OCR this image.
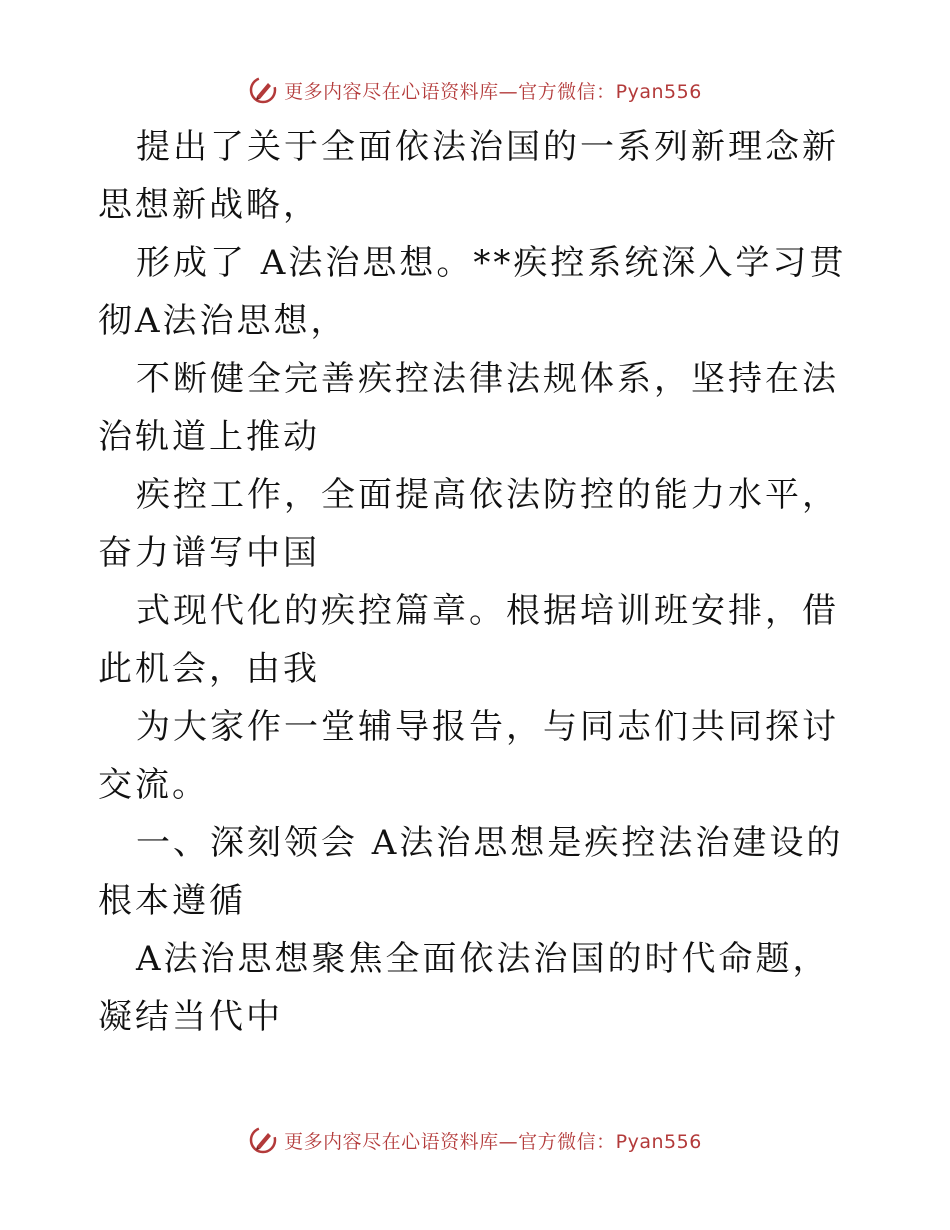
更多内容尽在心语资料库—官方微信：Pyan556

提出了关于全面依法治国的一系列新理念新思想新战略，

形成了 A法治思想。**疾控系统深入学习贯彻A法治思想，

不断健全完善疾控法律法规体系，坚持在法治轨道上推动

疾控工作，全面提高依法防控的能力水平，奋力谱写中国

式现代化的疾控篇章。根据培训班安排，借此机会，由我

为大家作一堂辅导报告，与同志们共同探讨交流。

一、深刻领会 A法治思想是疾控法治建设的根本遵循

A法治思想聚焦全面依法治国的时代命题，凝结当代中

更多内容尽在心语资料库—官方微信：Pyan556
